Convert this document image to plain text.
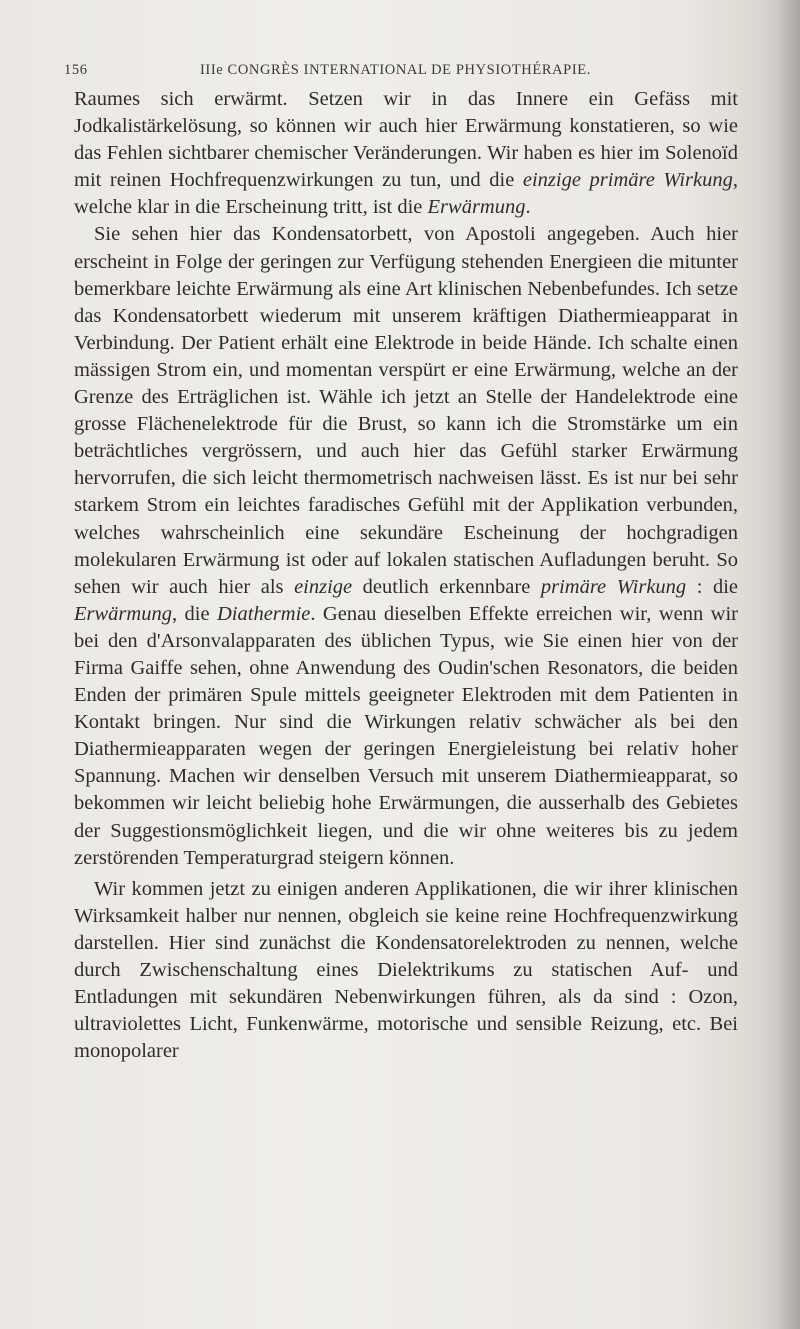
156	IIIe CONGRÈS INTERNATIONAL DE PHYSIOTHÉRAPIE.

Raumes sich erwärmt. Setzen wir in das Innere ein Gefäss mit Jodkalistärkelösung, so können wir auch hier Erwärmung konstatieren, so wie das Fehlen sichtbarer chemischer Veränderungen. Wir haben es hier im Solenoïd mit reinen Hochfrequenzwirkungen zu tun, und die einzige primäre Wirkung, welche klar in die Erscheinung tritt, ist die Erwärmung.

Sie sehen hier das Kondensatorbett, von Apostoli angegeben. Auch hier erscheint in Folge der geringen zur Verfügung stehenden Energieen die mitunter bemerkbare leichte Erwärmung als eine Art klinischen Nebenbefundes. Ich setze das Kondensatorbett wiederum mit unserem kräftigen Diathermieapparat in Verbindung. Der Patient erhält eine Elektrode in beide Hände. Ich schalte einen mässigen Strom ein, und momentan verspürt er eine Erwärmung, welche an der Grenze des Erträglichen ist. Wähle ich jetzt an Stelle der Handelektrode eine grosse Flächenelektrode für die Brust, so kann ich die Stromstärke um ein beträchtliches vergrössern, und auch hier das Gefühl starker Erwärmung hervorrufen, die sich leicht thermometrisch nachweisen lässt. Es ist nur bei sehr starkem Strom ein leichtes faradisches Gefühl mit der Applikation verbunden, welches wahrscheinlich eine sekundäre Escheinung der hochgradigen molekularen Erwärmung ist oder auf lokalen statischen Aufladungen beruht. So sehen wir auch hier als einzige deutlich erkennbare primäre Wirkung : die Erwärmung, die Diathermie. Genau dieselben Effekte erreichen wir, wenn wir bei den d'Arsonvalapparaten des üblichen Typus, wie Sie einen hier von der Firma Gaiffe sehen, ohne Anwendung des Oudin'schen Resonators, die beiden Enden der primären Spule mittels geeigneter Elektroden mit dem Patienten in Kontakt bringen. Nur sind die Wirkungen relativ schwächer als bei den Diathermieapparaten wegen der geringen Energieleistung bei relativ hoher Spannung. Machen wir denselben Versuch mit unserem Diathermieapparat, so bekommen wir leicht beliebig hohe Erwärmungen, die ausserhalb des Gebietes der Suggestionsmöglichkeit liegen, und die wir ohne weiteres bis zu jedem zerstörenden Temperaturgrad steigern können.

Wir kommen jetzt zu einigen anderen Applikationen, die wir ihrer klinischen Wirksamkeit halber nur nennen, obgleich sie keine reine Hochfrequenzwirkung darstellen. Hier sind zunächst die Kondensatorelektroden zu nennen, welche durch Zwischenschaltung eines Dielektrikums zu statischen Auf- und Entladungen mit sekundären Nebenwirkungen führen, als da sind : Ozon, ultraviolettes Licht, Funkenwärme, motorische und sensible Reizung, etc. Bei monopolarer
